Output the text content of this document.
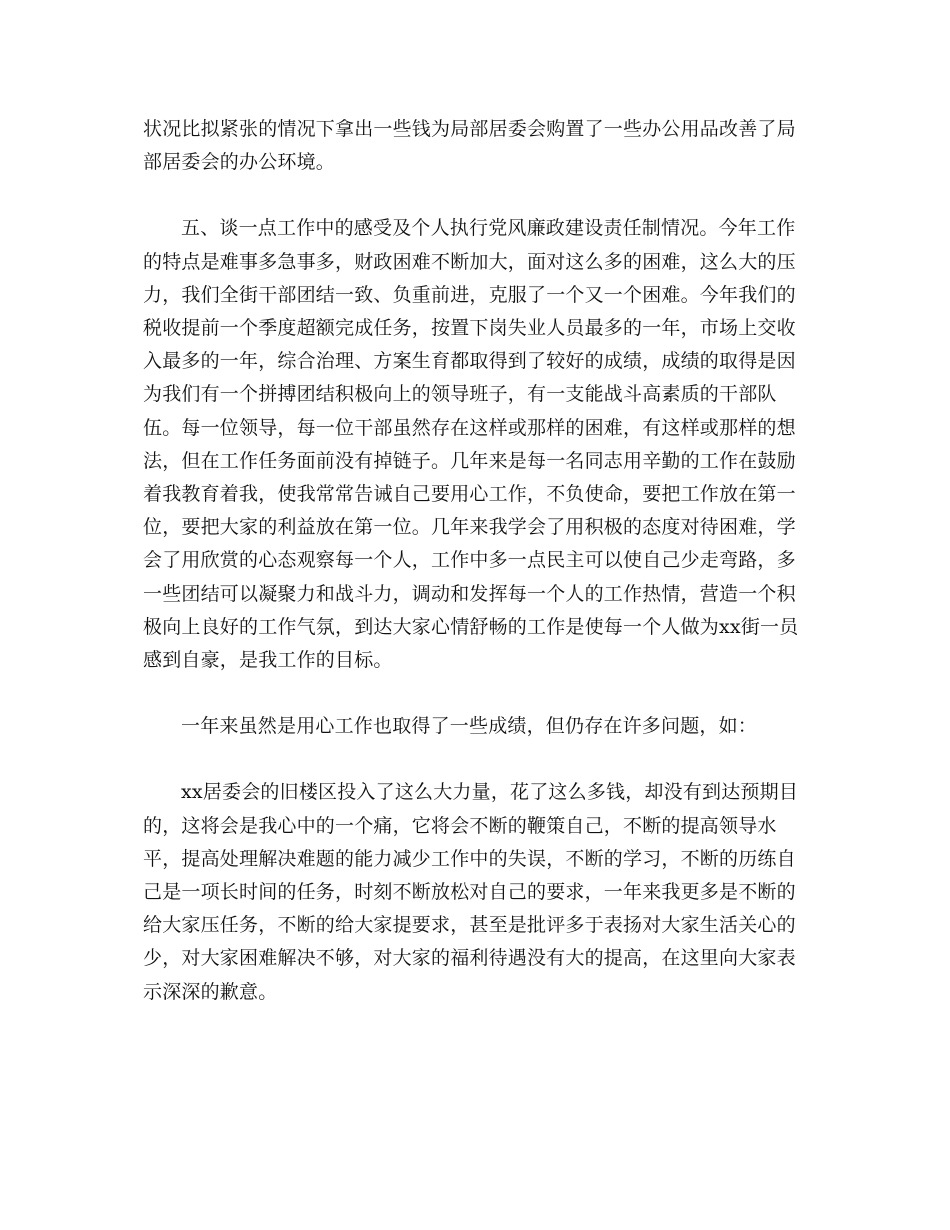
状况比拟紧张的情况下拿出一些钱为局部居委会购置了一些办公用品改善了局部居委会的办公环境。

五、谈一点工作中的感受及个人执行党风廉政建设责任制情况。今年工作的特点是难事多急事多，财政困难不断加大，面对这么多的困难，这么大的压力，我们全街干部团结一致、负重前进，克服了一个又一个困难。今年我们的税收提前一个季度超额完成任务，按置下岗失业人员最多的一年，市场上交收入最多的一年，综合治理、方案生育都取得到了较好的成绩，成绩的取得是因为我们有一个拼搏团结积极向上的领导班子，有一支能战斗高素质的干部队伍。每一位领导，每一位干部虽然存在这样或那样的困难，有这样或那样的想法，但在工作任务面前没有掉链子。几年来是每一名同志用辛勤的工作在鼓励着我教育着我，使我常常告诫自己要用心工作，不负使命，要把工作放在第一位，要把大家的利益放在第一位。几年来我学会了用积极的态度对待困难，学会了用欣赏的心态观察每一个人，工作中多一点民主可以使自己少走弯路，多一些团结可以凝聚力和战斗力，调动和发挥每一个人的工作热情，营造一个积极向上良好的工作气氛，到达大家心情舒畅的工作是使每一个人做为xx街一员感到自豪，是我工作的目标。

一年来虽然是用心工作也取得了一些成绩，但仍存在许多问题，如：

xx居委会的旧楼区投入了这么大力量，花了这么多钱，却没有到达预期目的，这将会是我心中的一个痛，它将会不断的鞭策自己，不断的提高领导水平，提高处理解决难题的能力减少工作中的失误，不断的学习，不断的历练自己是一项长时间的任务，时刻不断放松对自己的要求，一年来我更多是不断的给大家压任务，不断的给大家提要求，甚至是批评多于表扬对大家生活关心的少，对大家困难解决不够，对大家的福利待遇没有大的提高，在这里向大家表示深深的歉意。
